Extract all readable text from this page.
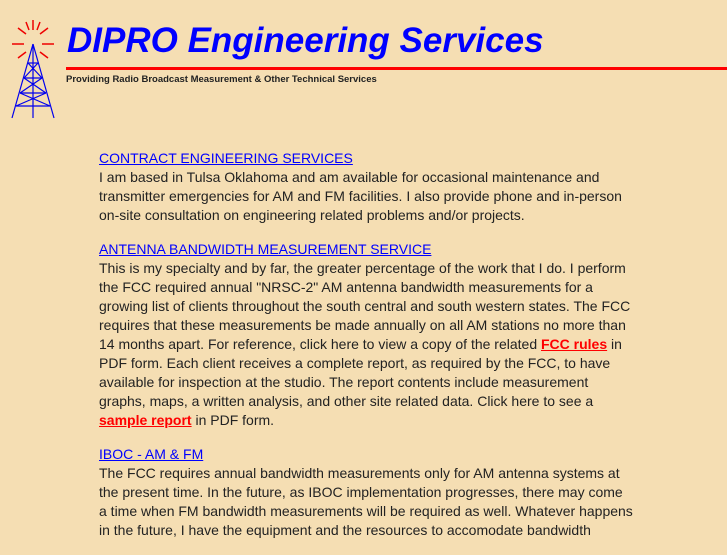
DIPRO Engineering Services
Providing Radio Broadcast Measurement & Other Technical Services
CONTRACT ENGINEERING SERVICES
I am based in Tulsa Oklahoma and am available for occasional maintenance and transmitter emergencies for AM and FM facilities. I also provide phone and in-person on-site consultation on engineering related problems and/or projects.
ANTENNA BANDWIDTH MEASUREMENT SERVICE
This is my specialty and by far, the greater percentage of the work that I do. I perform the FCC required annual "NRSC-2" AM antenna bandwidth measurements for a growing list of clients throughout the south central and south western states. The FCC requires that these measurements be made annually on all AM stations no more than 14 months apart. For reference, click here to view a copy of the related FCC rules in PDF form. Each client receives a complete report, as required by the FCC, to have available for inspection at the studio. The report contents include measurement graphs, maps, a written analysis, and other site related data. Click here to see a sample report in PDF form.
IBOC - AM & FM
The FCC requires annual bandwidth measurements only for AM antenna systems at the present time. In the future, as IBOC implementation progresses, there may come a time when FM bandwidth measurements will be required as well. Whatever happens in the future, I have the equipment and the resources to accomodate bandwidth
